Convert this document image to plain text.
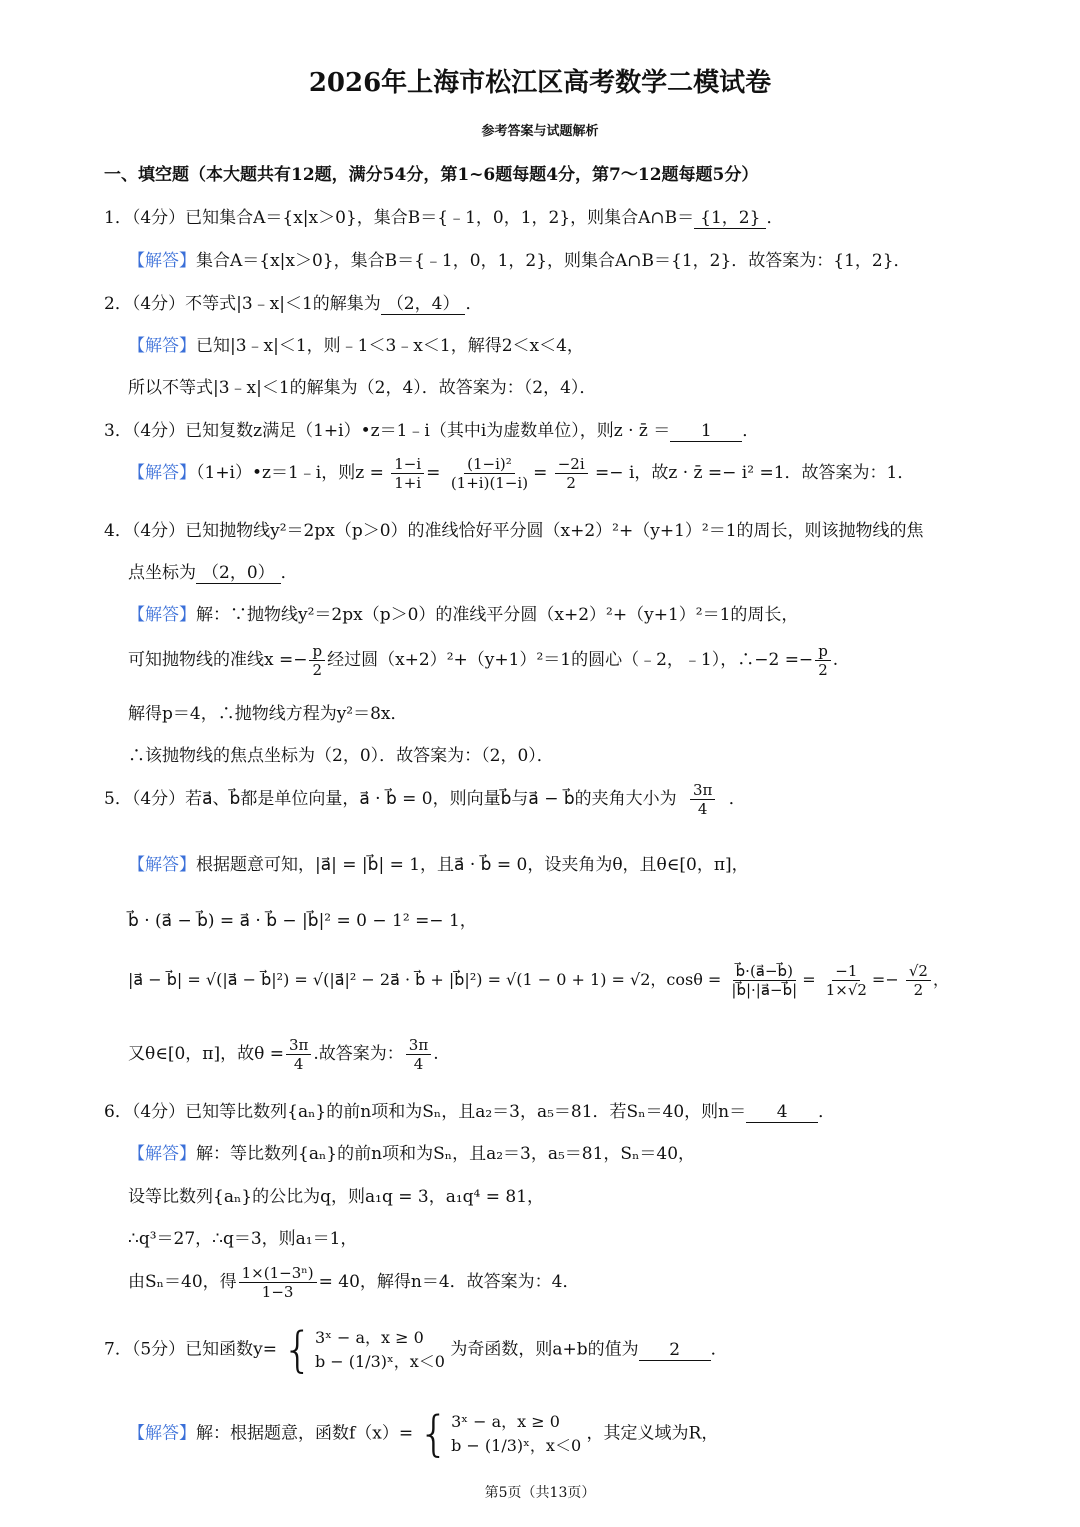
2026年上海市松江区高考数学二模试卷
参考答案与试题解析
一、填空题（本大题共有12题，满分54分，第1~6题每题4分，第7～12题每题5分）
1．（4分）已知集合A＝{x|x＞0}，集合B＝{﹣1，0，1，2}，则集合A∩B＝ {1，2} ．
【解答】集合A＝{x|x＞0}，集合B＝{﹣1，0，1，2}，则集合A∩B＝{1，2}．故答案为：{1，2}．
2．（4分）不等式|3﹣x|＜1的解集为 （2，4） ．
【解答】已知|3﹣x|＜1，则﹣1＜3﹣x＜1，解得2＜x＜4，
所以不等式|3﹣x|＜1的解集为（2，4）．故答案为：（2，4）．
3．（4分）已知复数z满足（1+i）•z＝1﹣i（其中i为虚数单位），则z · z̄ ＝ 1 ．
【解答】（1+i）•z＝1﹣i，则$z = \frac{1-i}{1+i} = \frac{\text{(1−i)²}}{(1+i)(1-i)} = \frac{-2i}{2} =- i$，故z · z̄ =− i² =1．故答案为：1．
4．（4分）已知抛物线y²＝2px（p＞0）的准线恰好平分圆（x+2）²+（y+1）²＝1的周长，则该抛物线的焦
点坐标为 （2，0） ．
【解答】解：∵抛物线y²＝2px（p＞0）的准线平分圆（x+2）²+（y+1）²＝1的周长，
可知抛物线的准线$x =- \frac{p}{2}$ 经过圆（x+2）²+（y+1）²＝1的圆心（﹣2，﹣1），∴−2 =− $\frac{p}{2}$ .
解得p＝4，∴抛物线方程为y²＝8x．
∴该抛物线的焦点坐标为（2，0）．故答案为：（2，0）．
5．（4分）若a⃗、b⃗都是单位向量，a⃗ · b⃗ = 0，则向量b⃗与a⃗ − b⃗的夹角大小为 $\frac{3\pi}{4}$ ．
【解答】根据题意可知，|a⃗| = |b⃗| = 1，且a⃗ · b⃗ = 0，设夹角为θ，且θ∈[0，π]，
b⃗ · (a⃗ − b⃗) = a⃗ · b⃗ − |b⃗|² = 0 − 1² =− 1，
|a⃗ − b⃗| = √(|a⃗ − b⃗|²) = √(|a⃗|² − 2a⃗ · b⃗ + |b⃗|²) = √(1 − 0 + 1) = √2，$\cos\theta = \frac{b⃗\cdot(a⃗-b⃗)}{|b⃗|\cdot|a⃗-b⃗|} = \frac{-1}{1\times√2} =- \frac{√2}{2}$ ，
又θ∈[0，π]，故$\theta = \frac{3\pi}{4}$ .故答案为： $\frac{3\pi}{4}$ .
6．（4分）已知等比数列{aₙ}的前n项和为Sₙ，且a₂＝3，a₅＝81．若Sₙ＝40，则n＝ 4 ．
【解答】解：等比数列{aₙ}的前n项和为Sₙ，且a₂＝3，a₅＝81，Sₙ＝40，
设等比数列{aₙ}的公比为q，则a₁q = 3，a₁q⁴ = 81，
∴q³＝27，∴q＝3，则a₁＝1，
由Sₙ＝40，得 $\frac{\text{1×(1−3ⁿ)}}{1-3} = 40$，解得n＝4．故答案为：4．
7．（5分）已知函数y= { 3ˣ − a，x ≥ 0
b − (1/3)ˣ，x＜0
为奇函数，则a+b的值为 2 ．
【解答】解：根据题意，函数f（x）= { 3ˣ − a，x ≥ 0
b − (1/3)ˣ，x＜0
，其定义域为R，
第5页（共13页）
